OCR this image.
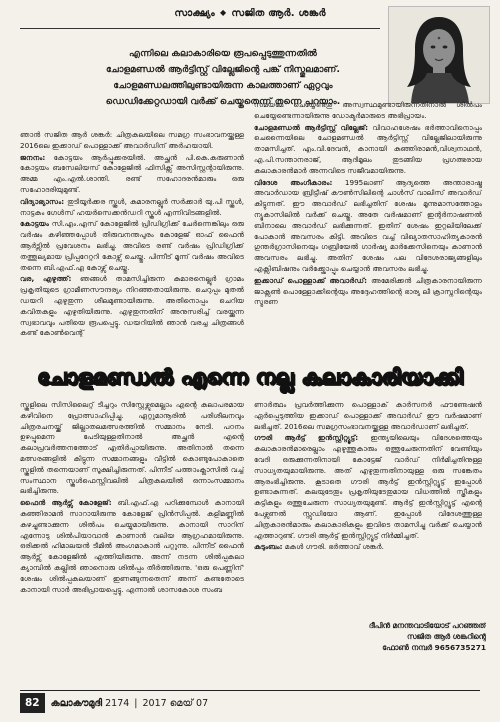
സാക്ഷ്യം ◆ സജിത ആർ. ശങ്കർ

എന്നിലെ കലാകാരിയെ രൂപപ്പെടുത്തുന്നതിൽ

ചോളമണ്ഡൽ ആർട്ടിസ്റ്റ് വില്ലേജിന്റെ പങ്ക് നിസ്തുലമാണ്.

ചോളമണ്ഡലത്തിലുണ്ടായിരുന്ന കാലത്താണ് ഏറ്റവും

ഡെഡിക്കേറ്റഡായി വർക്ക് ചെയ്തതെന്ന് തന്നെ പറയാം.

ഞാൻ സജിത ആർ ശങ്കർ: ചിത്രകലയിലെ സമഗ്ര സംഭാവനയ്ക്കുള്ള 2016ലെ ഇക്കാഡ് പൊള്ളാക്ക് അവാർഡിന് അർഹയായി.

ജനനം: കോട്ടയം ആർപ്പൂക്കരയിൽ. അച്ഛൻ പി.കെ.കരുണാൻ കോട്ടയം ബസേലിയസ് കോളേജിൽ ഫിസിക്സ് അസിസ്റ്റന്റായിരുന്നു. അമ്മ എം.എൽ.ശാന്തി. രണ്ട് സഹോദരൻമാരും ഒരു സഹോദരിയുമുണ്ട്.

വിദ്യാഭ്യാസം: തുടിയൂർക്കര സ്കൂൾ, കുമാരനല്ലൂർ സർക്കാർ യു.പി സ്കൂൾ, നാട്ടകം ഗേൾസ് ഹയർസെക്കൻഡറി സ്കൂൾ എന്നിവിടങ്ങളിൽ.

കോട്ടയം സി.എം.എസ് കോളേജിൽ പ്രിഡിഗ്രിക്ക് ചേർന്നെങ്കിലും ഒരു വർഷം കഴിഞ്ഞപ്പോൾ തിരുവനന്തപുരം കോളേജ് ഓഫ് ഫൈൻ ആർട്സിൽ പ്രവേശനം ലഭിച്ചു. അവിടെ രണ്ട് വർഷം പ്രിഡിഗ്രിക്ക് തത്തുല്യമായ പ്രിപ്പറേറ്ററി കോഴ്സ് ചെയ്തു. പിന്നീട് മൂന്ന് വർഷം അവിടെ തന്നെ ബി.എഫ്.എ കോഴ്സ് ചെയ്തു.

വര, എഴുത്ത്: ഞങ്ങൾ താമസിച്ചിരുന്ന കുമാരനെല്ലൂർ ഗ്രാമം പ്രകൃതിയുടെ ഗ്രാമീണസൗന്ദര്യം നിറഞ്ഞതായിരുന്നു. ചെറുപ്പം മുതൽ ഡയറി എഴുതുന്ന ശീലമുണ്ടായിരുന്നു. അതിനൊപ്പം ചെറിയ കവിതകളും എഴുതിയിരുന്നു. എഴുതുന്നതിന് അനുസരിച്ച് വരയ്ക്കുന്ന സ്വഭാവവും പതിയെ രൂപപ്പെട്ടു. ഡയറിയിൽ ഞാൻ വരച്ച ചിത്രങ്ങൾ കണ്ട് കോൺവെന്റ്

സമയമേ ചെയ്യേണ്ടതു അസ്വസ്ഥമുണ്ടായിരുന്നതിനാൽ ശിൽപം ചെയ്യേണ്ടെന്നായിരുന്നു ഡോക്ടർമാരുടെ അഭിപ്രായം.

ചോളമണ്ഡൽ ആർട്ടിസ്റ്റ് വില്ലേജ്: വിവാഹശേഷം ഭർത്താവിനൊപ്പം ചെന്നൈയിലെ ചോളമണ്ഡൽ ആർട്ടിസ്റ്റ് വില്ലേജിലായിരുന്നു താമസിച്ചത്. എം.വി.ദേവൻ, കാനായി കുഞ്ഞിരാമൻ,വിശ്വനാഥൻ, എ.പി.സന്താനരാജ്, ആദിമൂലം തുടങ്ങിയ പ്രഗത്ഭരായ കലാകാരൻമാർ അന്നവിടെ സജീവമായിരുന്നു.

വിദേശ അംഗീകാരം: 1995ലാണ് ആദ്യത്തെ അന്താരാഷ്ട്ര അവാർഡായ ബ്രിട്ടീഷ് കൗൺസിലിന്റെ ചാൾസ് വാലിസ് അവാർഡ് കിട്ടുന്നത്. ഈ അവാർഡ് ലഭിച്ചതിന് ശേഷം മൂന്നുമാസത്തോളം ന്യൂകാസിലിൽ വർക്ക് ചെയ്തു. അതേ വർഷമാണ് ഇന്റർനാഷണൽ ബിനാലെ അവാർഡ് ലഭിക്കുന്നത്. ഇതിന് ശേഷം ഇറ്റലിയിലേക്ക് പോകാൻ അവസരം കിട്ടി. അവിടെ വച്ച് വിഖ്യാതസാഹിത്യകാരൻ ഗുന്തർഗ്രാസിനെയും ഗബ്രിയേൽ ഗാർഷ്യ മാർക്കേസിനെയും കാണാൻ അവസരം ലഭിച്ചു. അതിന് ശേഷം പല വിദേശരാജ്യങ്ങളിലും എക്സിബിഷനും വർക്ക്ഷോപ്പും ചെയ്യാൻ അവസരം ലഭിച്ചു.

ഇക്കാഡ് പൊള്ളാക്ക് അവാർഡ്: അമേരിക്കൻ ചിത്രകാരനായിരുന്ന ജാക്സൺ പൊള്ളോക്കിന്റെയും അദ്ദേഹത്തിന്റെ ഭാര്യ ലീ ക്രാസ്നറിന്റെയും സ്മരണ

ചോളമണ്ഡൽ എന്നെ നല്ല കലാകാരിയാക്കി

സ്കൂളിലെ സിസിലൈറ്റ് ടീച്ചറും സിസ്റ്റേഴ്സുമെല്ലാം എന്റെ കലാപരമായ കഴിവിനെ പ്രോത്സാഹിപ്പിച്ചു. ഏറ്റുമാനൂരിൽ പരിശീലനവും ചിത്രരചനയ്ക്ക് ജില്ലാതലമത്സരത്തിൽ സമ്മാനം നേടി. പഠനം ഉഴപ്പുമെന്ന പേടിയുള്ളതിനാൽ അച്ഛൻ എന്റെ കലാപ്രവർത്തനത്തോട് എതിർപ്പായിരുന്നു. അതിനാൽ തന്നെ മത്സരങ്ങളിൽ കിട്ടുന്ന സമ്മാനങ്ങളും വീട്ടിൽ കൊണ്ടുപോകാതെ സ്കൂളിൽ തന്നെയാണ് സൂക്ഷിച്ചിരുന്നത്. പിന്നീട് പത്താംക്ലാസിൽ വച്ച് സംസ്ഥാന സ്കൂൾഫെസ്റ്റിവലിൽ ചിത്രകലയിൽ ഒന്നാംസമ്മാനം ലഭിച്ചിരുന്നു.

ഫൈൻ ആർട്സ് കോളേജ്: ബി.എഫ്.എ പഠിക്കുമ്പോൾ കാനായി കുഞ്ഞിരാമൻ സാറായിരുന്നു കോളേജ് പ്രിൻസിപ്പൽ. കളിമണ്ണിൽ കുഴച്ചുണ്ടാക്കുന്ന ശിൽപം ചെയ്യുമായിരുന്നു. കാനായി സാറിന് എന്നോടു ശിൽപിയാവാൻ കാണാൻ വലിയ ആഗ്രഹമായിരുന്നു. ഒരിക്കൽ ഹിമാലയൻ ടീമിൽ അംഗമാകാൻ പറ്റുന്നു. പിന്നീട് ഫൈൻ ആർട്സ് കോളേജിൽ എത്തിയിരുന്നു. അന്ന് നടന്ന ശിൽപ്പകലാ ക്യാമ്പിൽ കല്ലിൽ ഞാനൊരു ശിൽപ്പം തീർത്തിരുന്നു. 'ഒരു പെണ്ണിന്' ശേഷം ശിൽപ്പകലയാണ് ഇണങ്ങുന്നതെന്ന് അന്ന് കണ്ടതോടെ കാനായി സാർ അഭിപ്രായപ്പെട്ടു. എന്നാൽ ശാസകോശ സംബ

ണാർത്ഥം പ്രവർത്തിക്കുന്ന പൊള്ളാക് കാർസനർ ഫൗണ്ടേഷൻ ഏർപ്പെടുത്തിയ ഇക്കാഡ് പൊള്ളാക്ക് അവാർഡ് ഈ വർഷമാണ് ലഭിച്ചത്. 2016ലെ സമഗ്രസംഭാവനയ്ക്കുള്ള അവാർഡാണ് ലഭിച്ചത്.

ഗൗരി ആർട്ട് ഇൻസ്റ്റിറ്റ്യൂട്ട്: ഇന്ത്യയിലെയും വിദേശത്തെയും കലാകാരൻമാരെല്ലാം എഴുത്തുകാരും ഒത്തുചേരുന്നതിന് വേണ്ടിയും വേദി ഒരുക്കുന്നതിനായി കോട്ടേജ് വാർഡ് നിർമിച്ചതിനുള്ള സാധ്യതയുമായിരുന്നു. അത് എഴുതുന്നതിനായുള്ള ഒരു സങ്കേതം ആരംഭിച്ചിരുന്നു. കൂടാതെ ഗൗരി ആർട്ട് ഇൻസ്റ്റിറ്റ്യൂട്ട് ഇപ്പോൾ ഉണ്ടാകുന്നത്. കലയുടേതും പ്രകൃതിയുടേതുമായ വിധത്തിൽ സ്ത്രീകളും കുട്ടികളും ഒത്തുചേരുന്ന സാധ്യതയുമുണ്ട്. ആർട്ട് ഇൻസ്റ്റിറ്റ്യൂട്ട് എന്റെ പേഴ്സണൽ സ്റ്റുഡിയോ ആണ്. ഇപ്പോൾ വിദേശത്തുള്ള ചിത്രകാരൻമാരും കലാകാരികളും ഇവിടെ താമസിച്ചു വർക്ക് ചെയ്യാൻ എത്താറുണ്ട്. ഗൗരി ആർട്ട് ഇൻസ്റ്റിറ്റ്യൂട്ട് നിർമ്മിച്ചത്.

കുടുംബം: മകൾ ഗൗരി. ഭർത്താവ് ശങ്കർ.

ദീപിൻ മനന്തവാടിയോട് പറഞ്ഞത്
സജിത ആർ ശങ്കറിന്റെ
ഫോൺ നമ്പർ 9656735271
82 കലാകൗമുദി 2174 | 2017 മെയ് 07
